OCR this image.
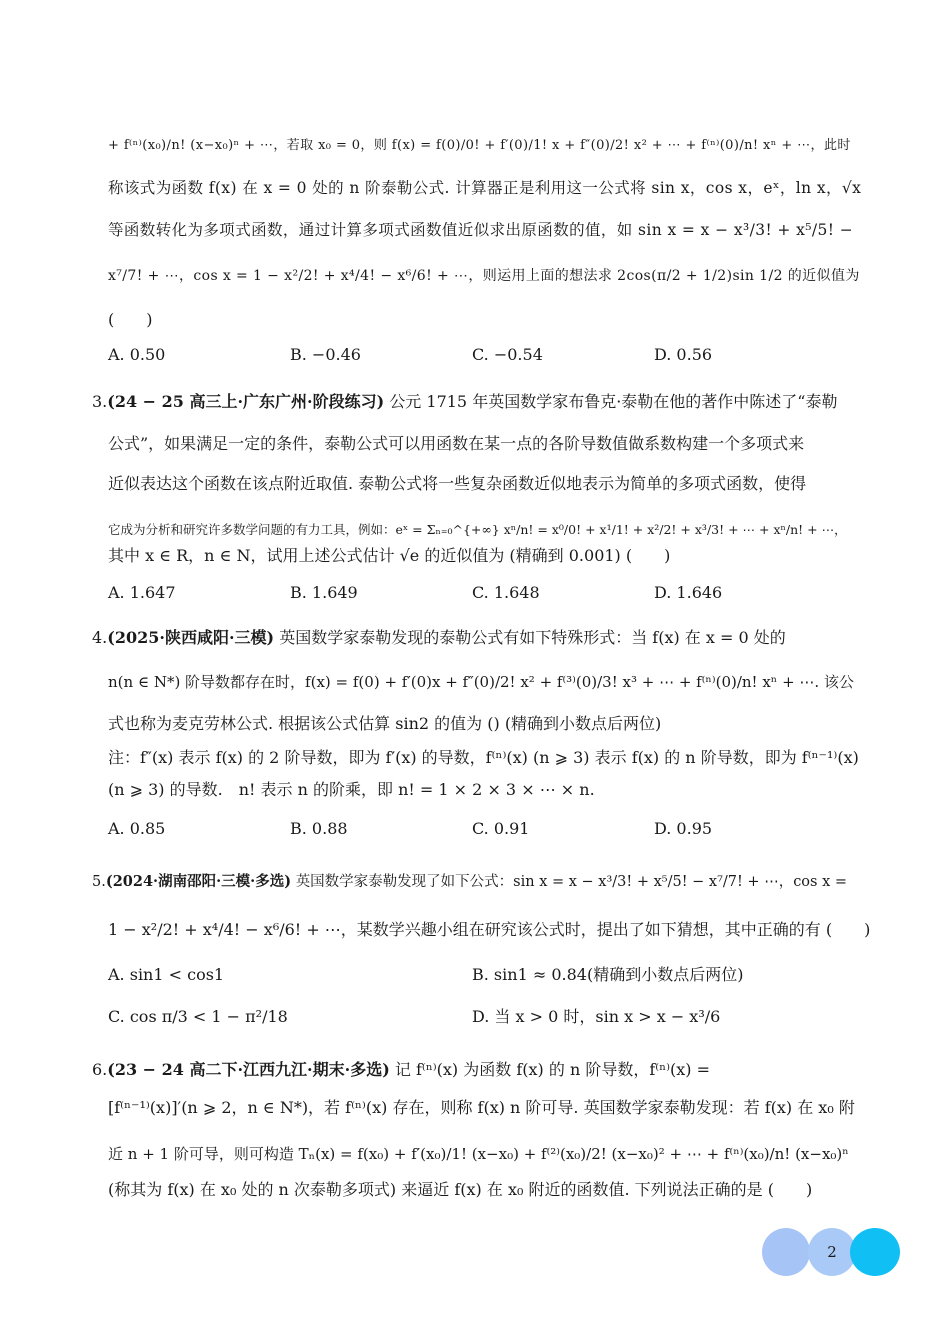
+ f⁽ⁿ⁾(x₀)/n! (x−x₀)ⁿ + ⋯，若取 x₀ = 0，则 f(x) = f(0)/0! + f′(0)/1! x + f″(0)/2! x² + ⋯ + f⁽ⁿ⁾(0)/n! xⁿ + ⋯，此时
称该式为函数 f(x) 在 x = 0 处的 n 阶泰勒公式. 计算器正是利用这一公式将 sin x，cos x，eˣ，ln x，√x
等函数转化为多项式函数，通过计算多项式函数值近似求出原函数的值，如 sin x = x − x³/3! + x⁵/5! −
x⁷/7! + ⋯，cos x = 1 − x²/2! + x⁴/4! − x⁶/6! + ⋯，则运用上面的想法求 2cos(π/2 + 1/2)sin 1/2 的近似值为
(　　)
A. 0.50	B. −0.46	C. −0.54	D. 0.56
3.(24 − 25 高三上·广东广州·阶段练习) 公元 1715 年英国数学家布鲁克·泰勒在他的著作中陈述了“泰勒
公式”，如果满足一定的条件，泰勒公式可以用函数在某一点的各阶导数值做系数构建一个多项式来
近似表达这个函数在该点附近取值. 泰勒公式将一些复杂函数近似地表示为简单的多项式函数，使得
它成为分析和研究许多数学问题的有力工具，例如：eˣ = Σₙ₌₀^{+∞} xⁿ/n! = x⁰/0! + x¹/1! + x²/2! + x³/3! + ⋯ + xⁿ/n! + ⋯，
其中 x ∈ R，n ∈ N，试用上述公式估计 √e 的近似值为 (精确到 0.001) (　　)
A. 1.647	B. 1.649	C. 1.648	D. 1.646
4.(2025·陕西咸阳·三模) 英国数学家泰勒发现的泰勒公式有如下特殊形式：当 f(x) 在 x = 0 处的
n(n ∈ N*) 阶导数都存在时，f(x) = f(0) + f′(0)x + f″(0)/2! x² + f⁽³⁾(0)/3! x³ + ⋯ + f⁽ⁿ⁾(0)/n! xⁿ + ⋯. 该公
式也称为麦克劳林公式. 根据该公式估算 sin2 的值为 () (精确到小数点后两位)
注：f″(x) 表示 f(x) 的 2 阶导数，即为 f′(x) 的导数，f⁽ⁿ⁾(x) (n ⩾ 3) 表示 f(x) 的 n 阶导数，即为 f⁽ⁿ⁻¹⁾(x)
(n ⩾ 3) 的导数.　n! 表示 n 的阶乘，即 n! = 1 × 2 × 3 × ⋯ × n.
A. 0.85	B. 0.88	C. 0.91	D. 0.95
5.(2024·湖南邵阳·三模·多选) 英国数学家泰勒发现了如下公式：sin x = x − x³/3! + x⁵/5! − x⁷/7! + ⋯，cos x =
1 − x²/2! + x⁴/4! − x⁶/6! + ⋯，某数学兴趣小组在研究该公式时，提出了如下猜想，其中正确的有 (　　)
A. sin1 < cos1	B. sin1 ≈ 0.84(精确到小数点后两位)
C. cos π/3 < 1 − π²/18	D. 当 x > 0 时，sin x > x − x³/6
6.(23 − 24 高二下·江西九江·期末·多选) 记 f⁽ⁿ⁾(x) 为函数 f(x) 的 n 阶导数，f⁽ⁿ⁾(x) =
[f⁽ⁿ⁻¹⁾(x)]′(n ⩾ 2，n ∈ N*)，若 f⁽ⁿ⁾(x) 存在，则称 f(x) n 阶可导. 英国数学家泰勒发现：若 f(x) 在 x₀ 附
近 n + 1 阶可导，则可构造 Tₙ(x) = f(x₀) + f′(x₀)/1! (x−x₀) + f⁽²⁾(x₀)/2! (x−x₀)² + ⋯ + f⁽ⁿ⁾(x₀)/n! (x−x₀)ⁿ
(称其为 f(x) 在 x₀ 处的 n 次泰勒多项式) 来逼近 f(x) 在 x₀ 附近的函数值. 下列说法正确的是 (　　)
2
